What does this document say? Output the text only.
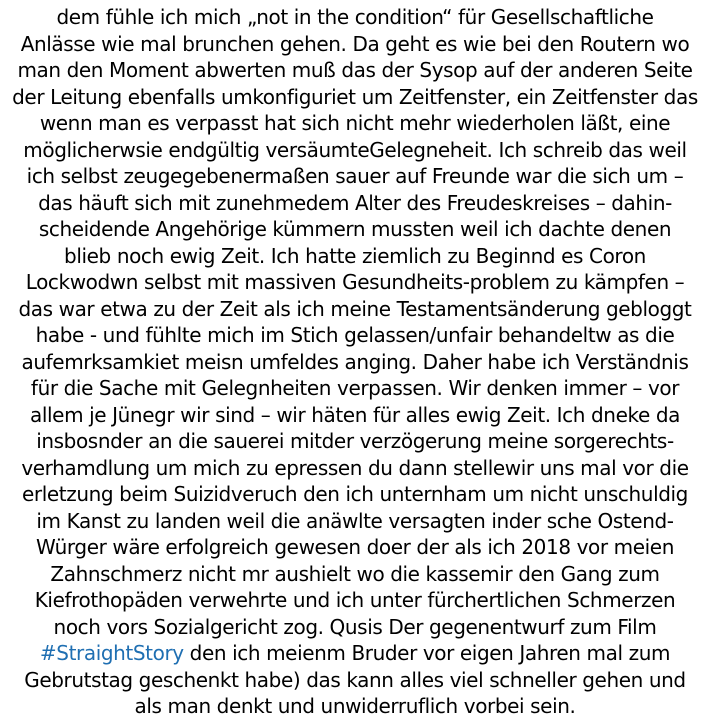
dem fühle ich mich „not in the condition“ für Gesellschaftliche
Anlässe wie mal brunchen gehen. Da geht es wie bei den Routern wo
man den Moment abwerten muß das der Sysop auf der anderen Seite
der Leitung ebenfalls umkonfiguriet um Zeitfenster, ein Zeitfenster das
wenn man es verpasst hat sich nicht mehr wiederholen läßt, eine
möglicherwsie endgültig versäumteGelegneheit. Ich schreib das weil
ich selbst zeugegebenermaßen sauer auf Freunde war die sich um –
das häuft sich mit zunehmedem Alter des Freudeskreises – dahin-
scheidende Angehörige kümmern mussten weil ich dachte denen
blieb noch ewig Zeit. Ich hatte ziemlich zu Beginnd es Coron
Lockwodwn selbst mit massiven Gesundheits-problem zu kämpfen –
das war etwa zu der Zeit als ich meine Testamentsänderung gebloggt
habe - und fühlte mich im Stich gelassen/unfair behandeltw as die
aufemrksamkiet meisn umfeldes anging. Daher habe ich Verständnis
für die Sache mit Gelegnheiten verpassen. Wir denken immer – vor
allem je Jünegr wir sind – wir häten für alles ewig Zeit. Ich dneke da
insbosnder an die sauerei mitder verzögerung meine sorgerechts-
verhamdlung um mich zu epressen du dann stellewir uns mal vor die
erletzung beim Suizidveruch den ich unternham um nicht unschuldig
im Kanst zu landen weil die anäwlte versagten inder sche Ostend-
Würger wäre erfolgreich gewesen doer der als ich 2018 vor meien
Zahnschmerz nicht mr aushielt wo die kassemir den Gang zum
Kiefrothopäden verwehrte und ich unter fürchertlichen Schmerzen
noch vors Sozialgericht zog. Qusis Der gegenentwurf zum Film
#StraightStory den ich meienm Bruder vor eigen Jahren mal zum
Gebrutstag geschenkt habe) das kann alles viel schneller gehen und
als man denkt und unwiderruflich vorbei sein.
